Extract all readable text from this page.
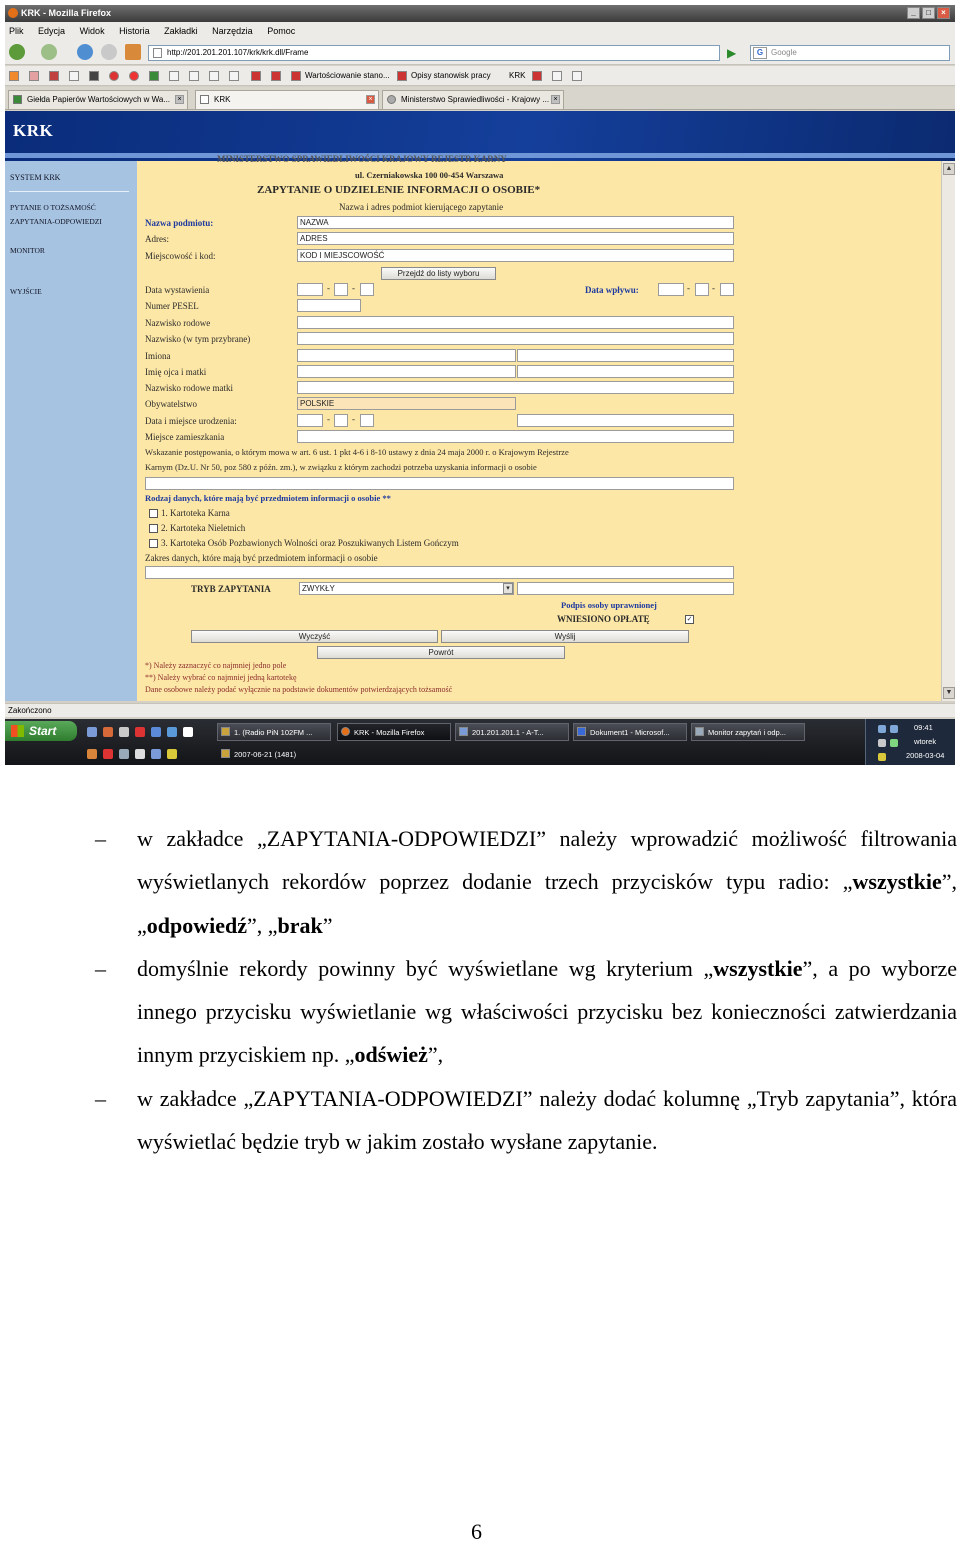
KRK - Mozilla Firefox	_	□	×
Plik Edycja Widok Historia Zakładki Narzędzia Pomoc
http://201.201.201.107/krk/krk.dll/Frame	▶	G Google
Wartościowanie stano...	Opisy stanowisk pracy KRK
Giełda Papierów Wartościowych w Wa...	×	KRK	×	Ministerstwo Sprawiedliwości - Krajowy ... ×
KRK
SYSTEM KRK
PYTANIE O TOŻSAMOŚĆ
ZAPYTANIA-ODPOWIEDZI
MONITOR
WYJŚCIE
MINISTERSTWO SPRAWIEDLIWOŚCI KRAJOWY REJESTR KARNY
ul. Czerniakowska 100 00-454 Warszawa
ZAPYTANIE O UDZIELENIE INFORMACJI O OSOBIE*
Nazwa i adres podmiot kierującego zapytanie
Nazwa podmiotu:	NAZWA
Adres:	ADRES
Miejscowość i kod:	KOD I MIEJSCOWOŚĆ
Przejdź do listy wyboru
Data wystawienia	- -	Data wpływu:	- -
Numer PESEL
Nazwisko rodowe
Nazwisko (w tym przybrane)
Imiona
Imię ojca i matki
Nazwisko rodowe matki
Obywatelstwo	POLSKIE
Data i miejsce urodzenia:	- -
Miejsce zamieszkania
Wskazanie postępowania, o którym mowa w art. 6 ust. 1 pkt 4-6 i 8-10 ustawy z dnia 24 maja 2000 r. o Krajowym Rejestrze
Karnym (Dz.U. Nr 50, poz 580 z późn. zm.), w związku z którym zachodzi potrzeba uzyskania informacji o osobie
Rodzaj danych, które mają być przedmiotem informacji o osobie **
1. Kartoteka Karna
2. Kartoteka Nieletnich
3. Kartoteka Osób Pozbawionych Wolności oraz Poszukiwanych Listem Gończym
Zakres danych, które mają być przedmiotem informacji o osobie
TRYB ZAPYTANIA	ZWYKŁY	▾
Podpis osoby uprawnionej
WNIESIONO OPŁATĘ	✓
Wyczyść	Wyślij
Powrót
*) Należy zaznaczyć co najmniej jedno pole
**) Należy wybrać co najmniej jedną kartotekę
Dane osobowe należy podać wyłącznie na podstawie dokumentów potwierdzających tożsamość
▲
▼
Zakończono
Start	1. (Radio PiN 102FM ...	KRK - Mozilla Firefox	201.201.201.1 - A-T...	Dokument1 - Microsof...	Monitor zapytań i odp...
2007-06-21 (1481)
09:41
wtorek
2008-03-04
– w zakładce „ZAPYTANIA-ODPOWIEDZI” należy wprowadzić możliwość filtrowania wyświetlanych rekordów poprzez dodanie trzech przycisków typu radio: „wszystkie”, „odpowiedź”, „brak”
– domyślnie rekordy powinny być wyświetlane wg kryterium „wszystkie”, a po wyborze innego przycisku wyświetlanie wg właściwości przycisku bez konieczności zatwierdzania innym przyciskiem np. „odśwież”,
– w zakładce „ZAPYTANIA-ODPOWIEDZI” należy dodać kolumnę „Tryb zapytania”, która wyświetlać będzie tryb w jakim zostało wysłane zapytanie.
6
